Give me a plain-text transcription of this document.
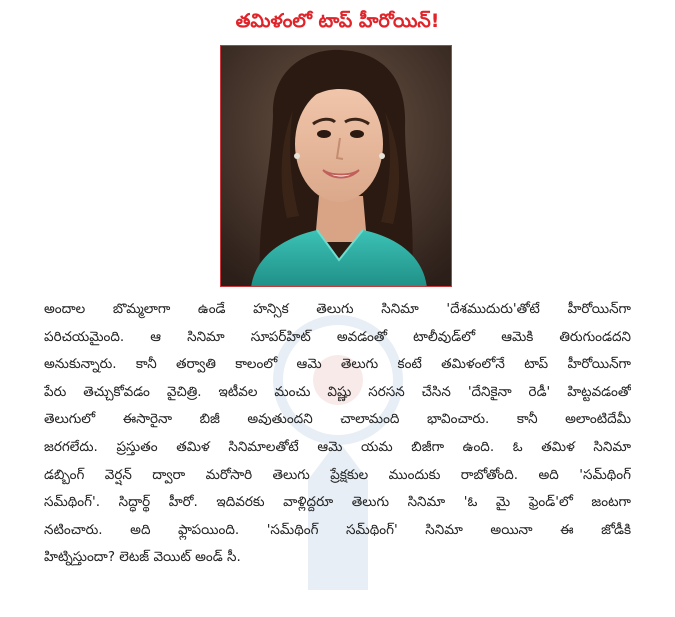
తమిళంలో టాప్ హీరోయిన్!
అందాల బొమ్మలాగా ఉండే హన్సిక తెలుగు సినిమా 'దేశముదురు'తోటే హీరోయిన్‌గా
పరిచయమైంది. ఆ సినిమా సూపర్‌హిట్ అవడంతో టాలీవుడ్‌లో ఆమెకి తిరుగుండదని
అనుకున్నారు. కానీ తర్వాతి కాలంలో ఆమె తెలుగు కంటే తమిళంలోనే టాప్ హీరోయిన్‌గా
పేరు తెచ్చుకోవడం వైచిత్రి. ఇటీవల మంచు విష్ణు సరసన చేసిన 'దేనికైనా రెడీ' హిట్టవడంతో
తెలుగులో ఈసారైనా బిజీ అవుతుందని చాలామంది భావించారు. కానీ అలాంటిదేమీ
జరగలేదు. ప్రస్తుతం తమిళ సినిమాలతోటే ఆమె యమ బిజీగా ఉంది. ఓ తమిళ సినిమా
డబ్బింగ్ వెర్షన్ ద్వారా మరోసారి తెలుగు ప్రేక్షకుల ముందుకు రాబోతోంది. అది 'సమ్‌థింగ్
సమ్‌థింగ్'. సిద్ధార్థ్ హీరో. ఇదివరకు వాళ్లిద్దరూ తెలుగు సినిమా 'ఓ మై ఫ్రెండ్'లో జంటగా
నటించారు. అది ఫ్లాపయింది. 'సమ్‌థింగ్ సమ్‌థింగ్' సినిమా అయినా ఈ జోడీకి
హిట్నిస్తుందా? లెటజ్ వెయిట్ అండ్ సీ.
